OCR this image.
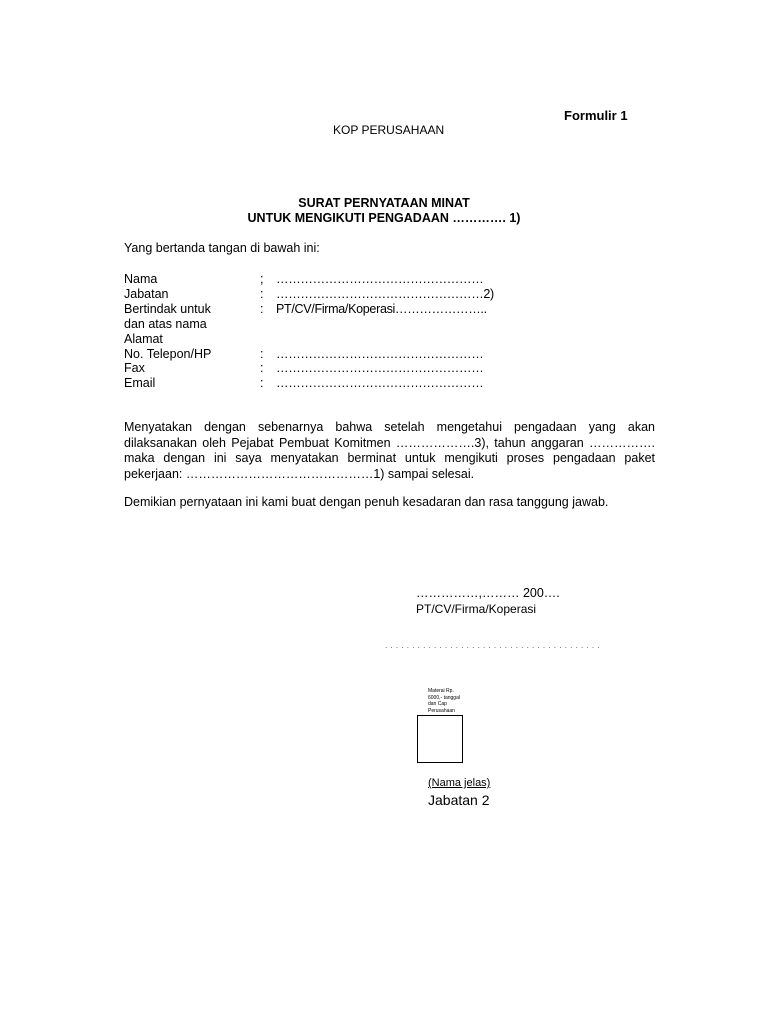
Formulir 1
KOP PERUSAHAAN
SURAT PERNYATAAN MINAT
UNTUK MENGIKUTI PENGADAAN …………. 1)
Yang bertanda tangan di bawah ini:
Nama	; ……………………………………………
Jabatan	: ……………………………………………2)
Bertindak untuk	: PT/CV/Firma/Koperasi…………………..
dan atas nama
Alamat
No. Telepon/HP	: ……………………………………………
Fax	: ……………………………………………
Email	: ……………………………………………
Menyatakan dengan sebenarnya bahwa setelah mengetahui pengadaan yang akan
dilaksanakan oleh Pejabat Pembuat Komitmen ……………….3), tahun anggaran …………….
maka dengan ini saya menyatakan berminat untuk mengikuti proses pengadaan paket
pekerjaan: ………………………………………1) sampai selesai.
Demikian pernyataan ini kami buat dengan penuh kesadaran dan rasa tanggung jawab.
……………,……… 200….
PT/CV/Firma/Koperasi
. . . . . . . . . . . . . . . . . . . . . . . . . . . . . . . . . . . . . . . .
Materai Rp. 6000,- tanggal dan Cap Perusahaan
(Nama jelas)
Jabatan 2
